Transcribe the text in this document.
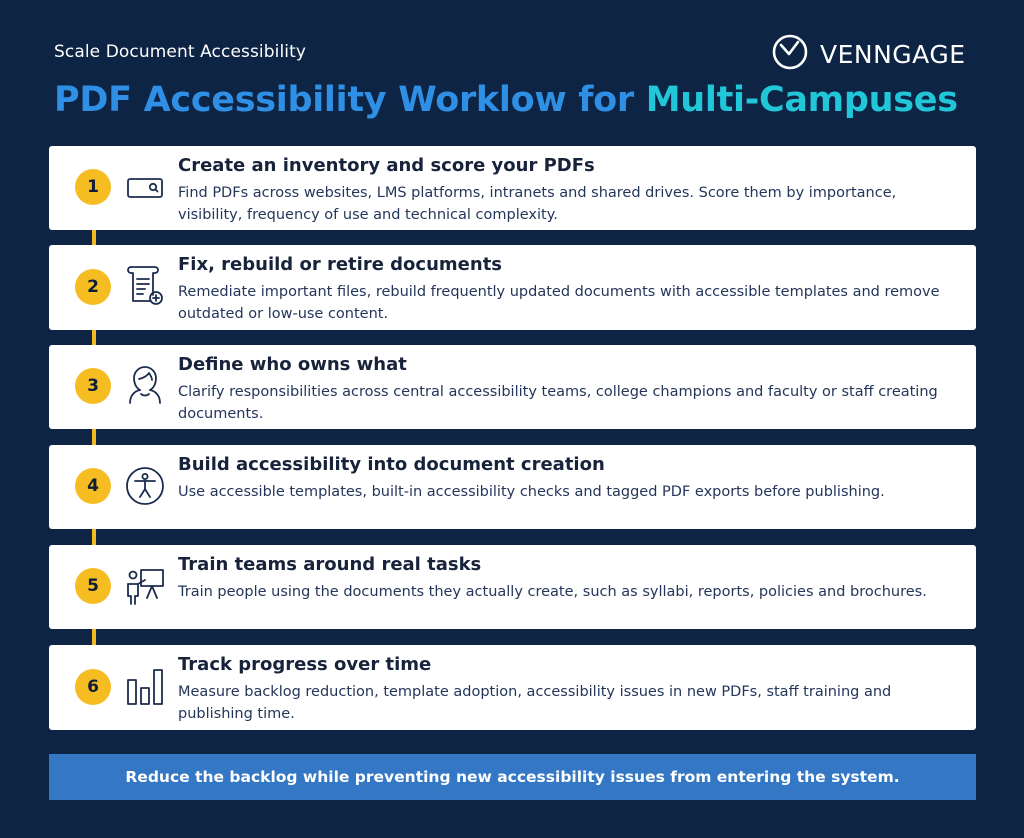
Scale Document Accessibility	VENNGAGE
PDF Accessibility Worklow for Multi-Campuses
1
Create an inventory and score your PDFs
Find PDFs across websites, LMS platforms, intranets and shared drives. Score them by importance, visibility, frequency of use and technical complexity.
2
Fix, rebuild or retire documents
Remediate important files, rebuild frequently updated documents with accessible templates and remove outdated or low-use content.
3
Define who owns what
Clarify responsibilities across central accessibility teams, college champions and faculty or staff creating documents.
4
Build accessibility into document creation
Use accessible templates, built-in accessibility checks and tagged PDF exports before publishing.
5
Train teams around real tasks
Train people using the documents they actually create, such as syllabi, reports, policies and brochures.
6
Track progress over time
Measure backlog reduction, template adoption, accessibility issues in new PDFs, staff training and publishing time.
Reduce the backlog while preventing new accessibility issues from entering the system.
